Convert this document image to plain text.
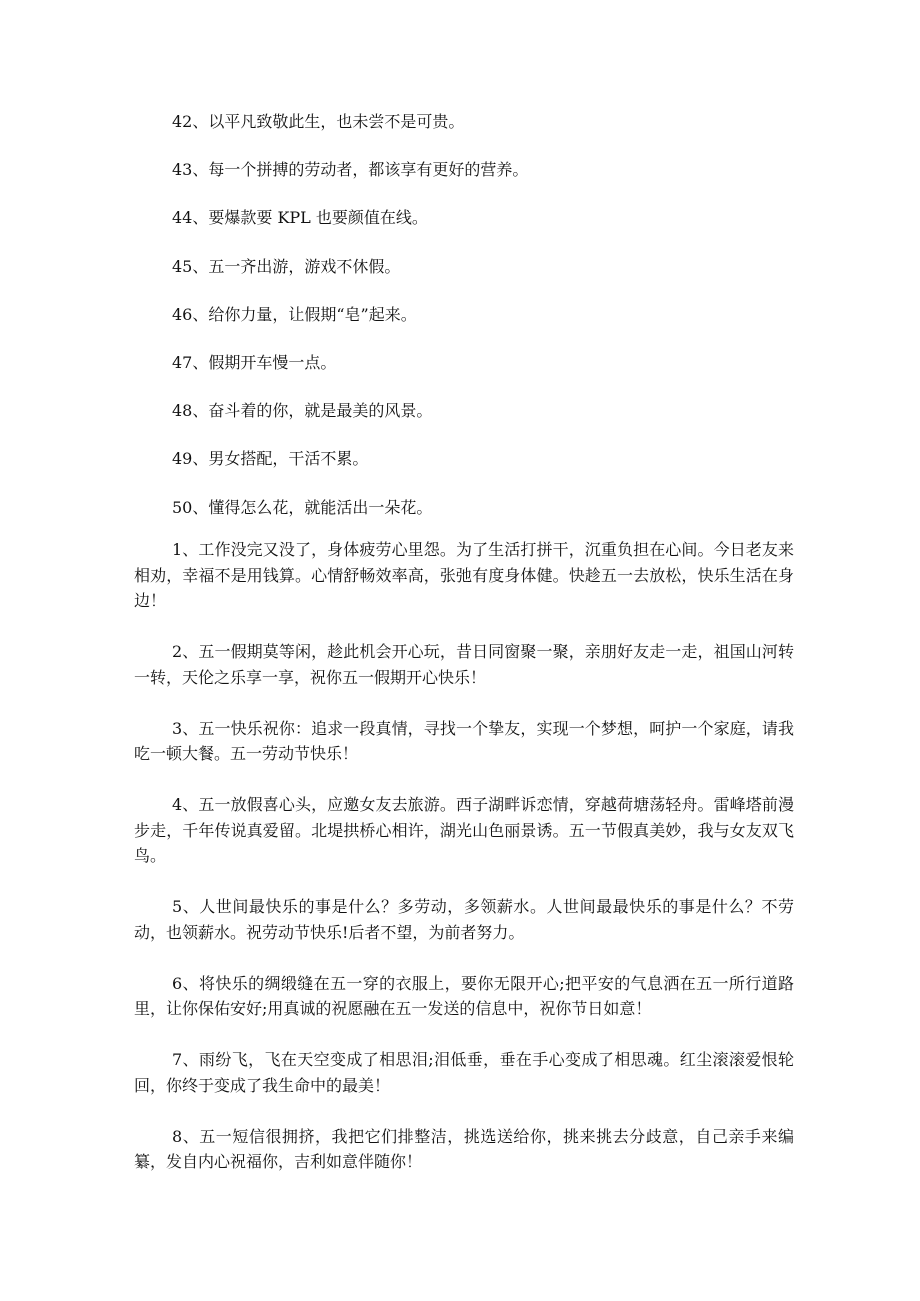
42、以平凡致敬此生，也未尝不是可贵。
43、每一个拼搏的劳动者，都该享有更好的营养。
44、要爆款要 KPL 也要颜值在线。
45、五一齐出游，游戏不休假。
46、给你力量，让假期“皂”起来。
47、假期开车慢一点。
48、奋斗着的你，就是最美的风景。
49、男女搭配，干活不累。
50、懂得怎么花，就能活出一朵花。

1、工作没完又没了，身体疲劳心里怨。为了生活打拼干，沉重负担在心间。今日老友来相劝，幸福不是用钱算。心情舒畅效率高，张弛有度身体健。快趁五一去放松，快乐生活在身边！

2、五一假期莫等闲，趁此机会开心玩，昔日同窗聚一聚，亲朋好友走一走，祖国山河转一转，天伦之乐享一享，祝你五一假期开心快乐！

3、五一快乐祝你：追求一段真情，寻找一个挚友，实现一个梦想，呵护一个家庭，请我吃一顿大餐。五一劳动节快乐！

4、五一放假喜心头，应邀女友去旅游。西子湖畔诉恋情，穿越荷塘荡轻舟。雷峰塔前漫步走，千年传说真爱留。北堤拱桥心相许，湖光山色丽景诱。五一节假真美妙，我与女友双飞鸟。

5、人世间最快乐的事是什么？多劳动，多领薪水。人世间最最快乐的事是什么？不劳动，也领薪水。祝劳动节快乐!后者不望，为前者努力。

6、将快乐的绸缎缝在五一穿的衣服上，要你无限开心;把平安的气息洒在五一所行道路里，让你保佑安好;用真诚的祝愿融在五一发送的信息中，祝你节日如意！

7、雨纷飞，飞在天空变成了相思泪;泪低垂，垂在手心变成了相思魂。红尘滚滚爱恨轮回，你终于变成了我生命中的最美！

8、五一短信很拥挤，我把它们排整洁，挑选送给你，挑来挑去分歧意，自己亲手来编纂，发自内心祝福你，吉利如意伴随你！
